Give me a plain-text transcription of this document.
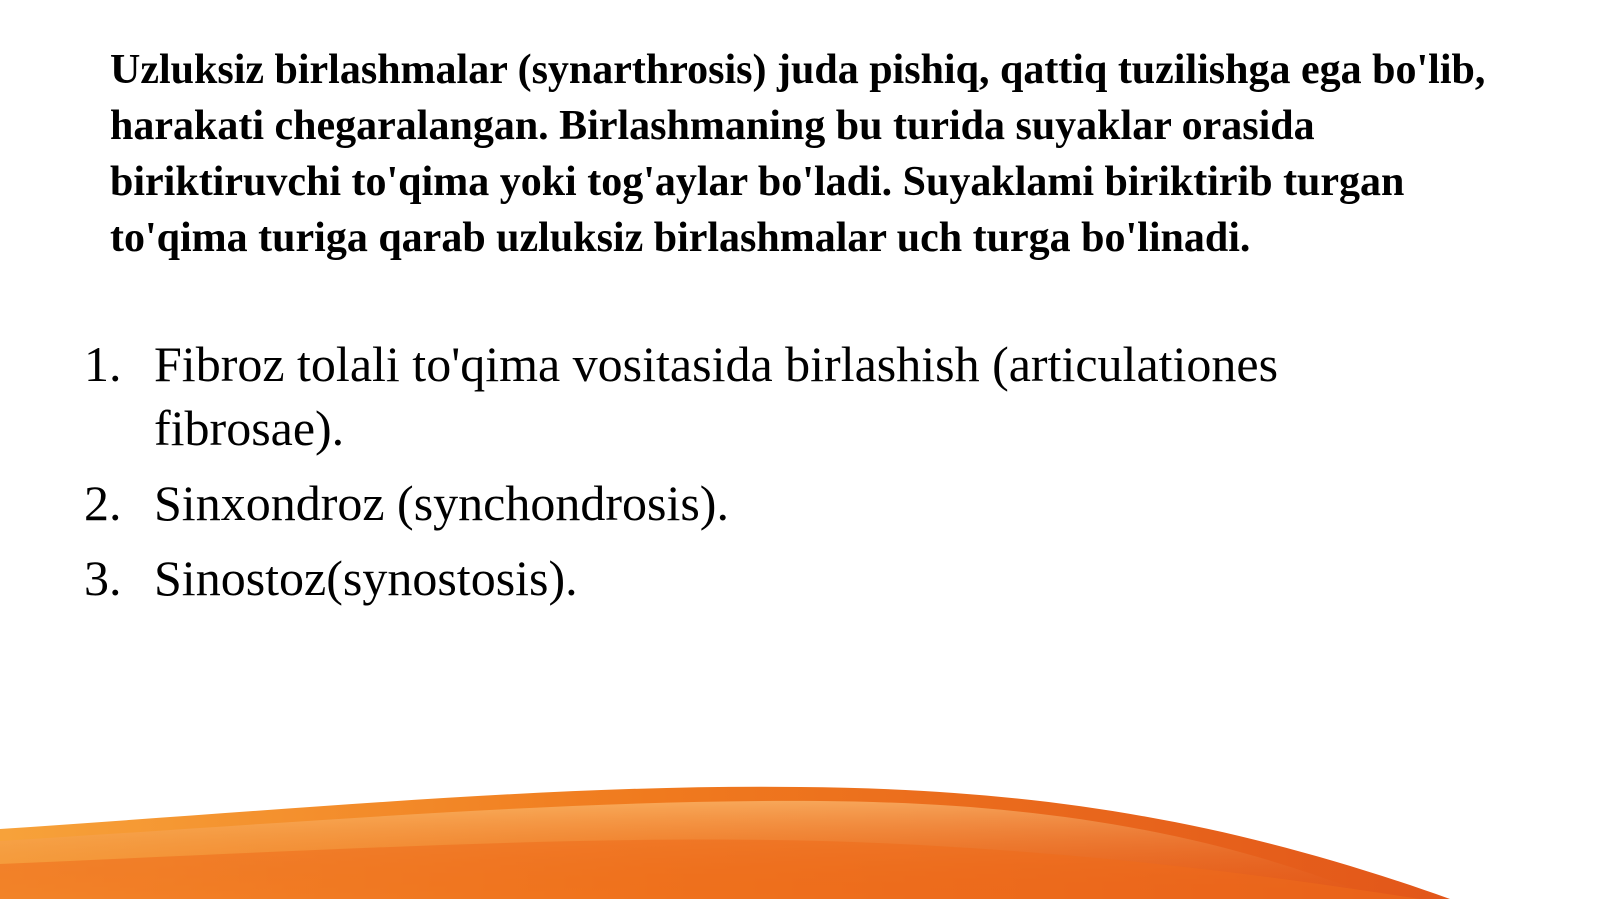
Uzluksiz birlashmalar (synarthrosis) juda pishiq, qattiq tuzilishga ega bo'lib, harakati chegaralangan. Birlashmaning bu turida suyaklar orasida biriktiruvchi to'qima yoki tog'aylar bo'ladi. Suyaklami biriktirib turgan to'qima turiga qarab uzluksiz birlashmalar uch turga bo'linadi.

1. Fibroz tolali to'qima vositasida birlashish (articulationes fibrosae).
2. Sinxondroz (synchondrosis).
3. Sinostoz(synostosis).
